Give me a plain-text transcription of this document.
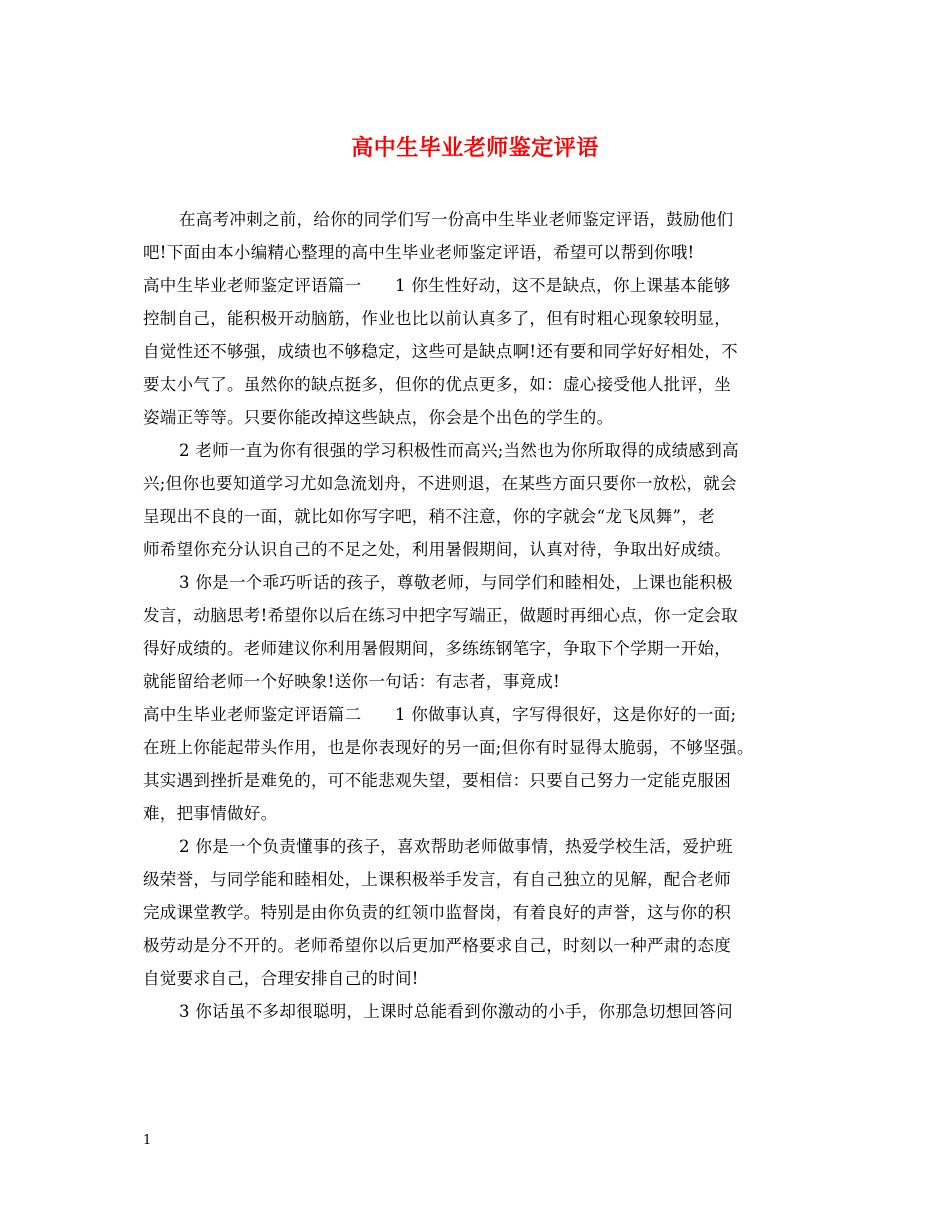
高中生毕业老师鉴定评语
在高考冲刺之前，给你的同学们写一份高中生毕业老师鉴定评语，鼓励他们
吧!下面由本小编精心整理的高中生毕业老师鉴定评语，希望可以帮到你哦!
高中生毕业老师鉴定评语篇一　　1 你生性好动，这不是缺点，你上课基本能够
控制自己，能积极开动脑筋，作业也比以前认真多了，但有时粗心现象较明显，
自觉性还不够强，成绩也不够稳定，这些可是缺点啊!还有要和同学好好相处，不
要太小气了。虽然你的缺点挺多，但你的优点更多，如：虚心接受他人批评，坐
姿端正等等。只要你能改掉这些缺点，你会是个出色的学生的。
2 老师一直为你有很强的学习积极性而高兴;当然也为你所取得的成绩感到高
兴;但你也要知道学习尤如急流划舟，不进则退，在某些方面只要你一放松，就会
呈现出不良的一面，就比如你写字吧，稍不注意，你的字就会“龙飞凤舞”，老
师希望你充分认识自己的不足之处，利用暑假期间，认真对待，争取出好成绩。
3 你是一个乖巧听话的孩子，尊敬老师，与同学们和睦相处，上课也能积极
发言，动脑思考!希望你以后在练习中把字写端正，做题时再细心点，你一定会取
得好成绩的。老师建议你利用暑假期间，多练练钢笔字，争取下个学期一开始，
就能留给老师一个好映象!送你一句话：有志者，事竟成!
高中生毕业老师鉴定评语篇二　　1 你做事认真，字写得很好，这是你好的一面;
在班上你能起带头作用，也是你表现好的另一面;但你有时显得太脆弱，不够坚强。
其实遇到挫折是难免的，可不能悲观失望，要相信：只要自己努力一定能克服困
难，把事情做好。
2 你是一个负责懂事的孩子，喜欢帮助老师做事情，热爱学校生活，爱护班
级荣誉，与同学能和睦相处，上课积极举手发言，有自己独立的见解，配合老师
完成课堂教学。特别是由你负责的红领巾监督岗，有着良好的声誉，这与你的积
极劳动是分不开的。老师希望你以后更加严格要求自己，时刻以一种严肃的态度
自觉要求自己，合理安排自己的时间!
3 你话虽不多却很聪明，上课时总能看到你激动的小手，你那急切想回答问
1
